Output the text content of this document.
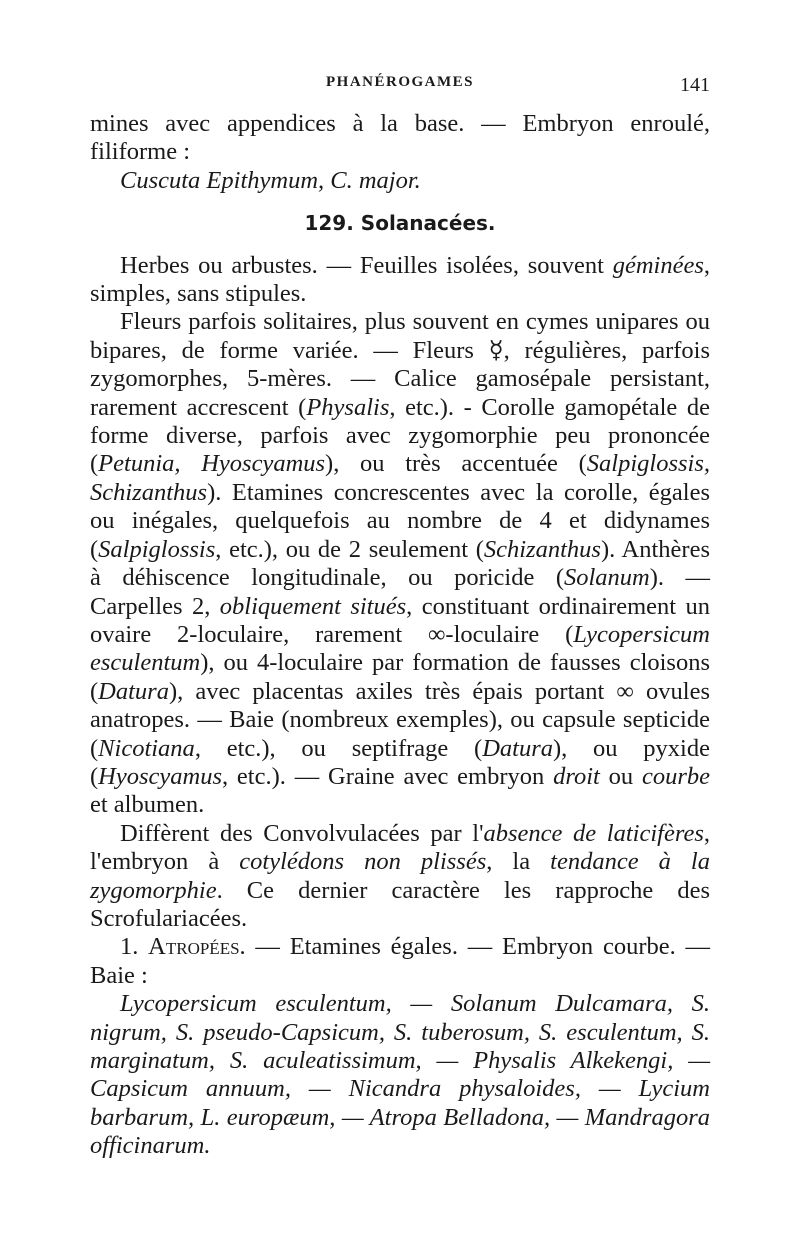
PHANÉROGAMES	141

mines avec appendices à la base. — Embryon enroulé, filiforme :

Cuscuta Epithymum, C. major.

129. Solanacées.

Herbes ou arbustes. — Feuilles isolées, souvent géminées, simples, sans stipules.

Fleurs parfois solitaires, plus souvent en cymes unipares ou bipares, de forme variée. — Fleurs ☿, régulières, parfois zygomorphes, 5-mères. — Calice gamosépale persistant, rarement accrescent (Physalis, etc.). - Corolle gamopétale de forme diverse, parfois avec zygomorphie peu prononcée (Petunia, Hyoscyamus), ou très accentuée (Salpiglossis, Schizanthus). Etamines concrescentes avec la corolle, égales ou inégales, quelquefois au nombre de 4 et didynames (Salpiglossis, etc.), ou de 2 seulement (Schizanthus). Anthères à déhiscence longitudinale, ou poricide (Solanum). — Carpelles 2, obliquement situés, constituant ordinairement un ovaire 2-loculaire, rarement ∞-loculaire (Lycopersicum esculentum), ou 4-loculaire par formation de fausses cloisons (Datura), avec placentas axiles très épais portant ∞ ovules anatropes. — Baie (nombreux exemples), ou capsule septicide (Nicotiana, etc.), ou septifrage (Datura), ou pyxide (Hyoscyamus, etc.). — Graine avec embryon droit ou courbe et albumen.

Diffèrent des Convolvulacées par l'absence de laticifères, l'embryon à cotylédons non plissés, la tendance à la zygomorphie. Ce dernier caractère les rapproche des Scrofulariacées.

1. Atropées. — Etamines égales. — Embryon courbe. — Baie :

Lycopersicum esculentum, — Solanum Dulcamara, S. nigrum, S. pseudo-Capsicum, S. tuberosum, S. esculentum, S. marginatum, S. aculeatissimum, — Physalis Alkekengi, — Capsicum annuum, — Nicandra physaloides, — Lycium barbarum, L. europæum, — Atropa Belladona, — Mandragora officinarum.
